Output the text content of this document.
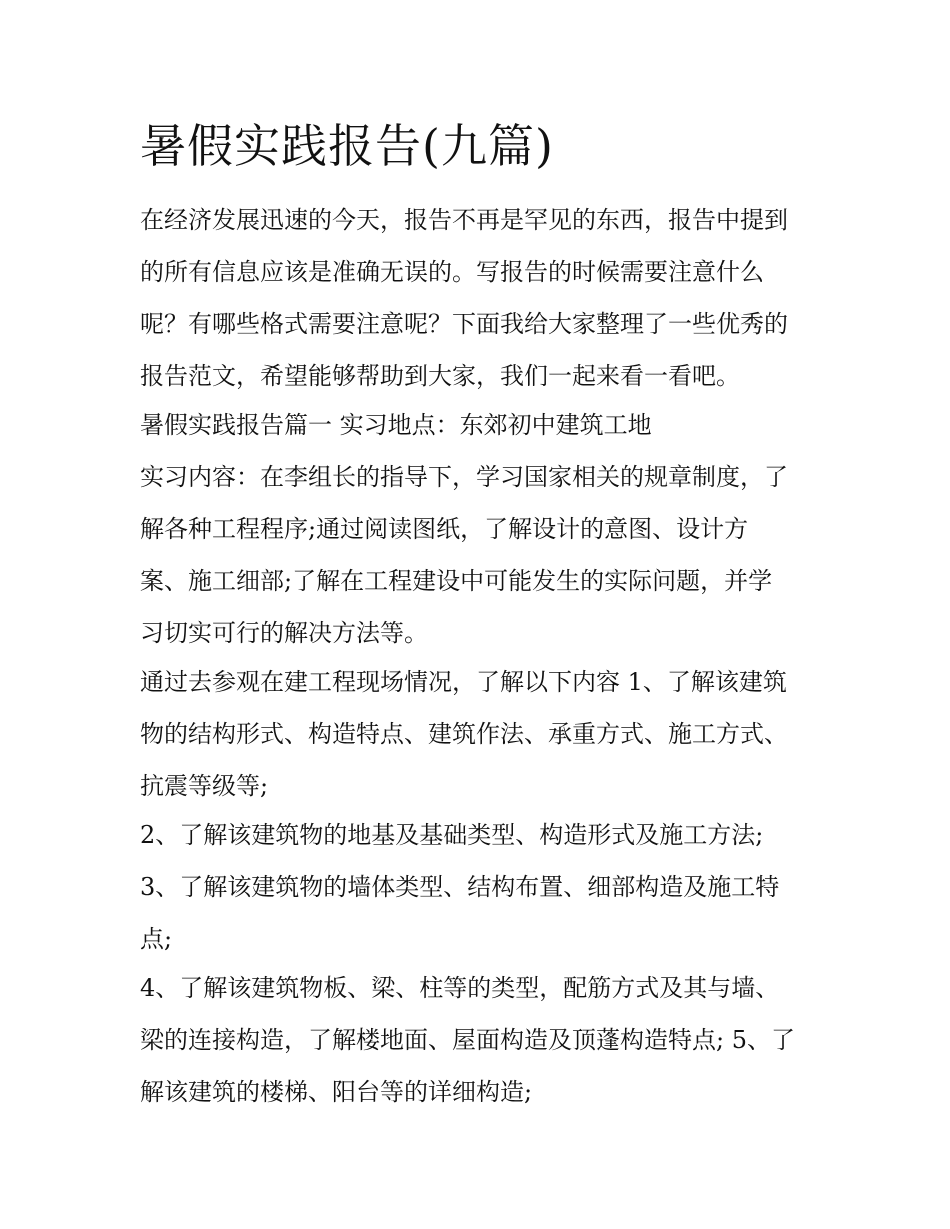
暑假实践报告(九篇)
在经济发展迅速的今天，报告不再是罕见的东西，报告中提到
的所有信息应该是准确无误的。写报告的时候需要注意什么
呢？有哪些格式需要注意呢？下面我给大家整理了一些优秀的
报告范文，希望能够帮助到大家，我们一起来看一看吧。
暑假实践报告篇一 实习地点：东郊初中建筑工地
实习内容：在李组长的指导下，学习国家相关的规章制度，了
解各种工程程序;通过阅读图纸，了解设计的意图、设计方
案、施工细部;了解在工程建设中可能发生的实际问题，并学
习切实可行的解决方法等。
通过去参观在建工程现场情况，了解以下内容 1、了解该建筑
物的结构形式、构造特点、建筑作法、承重方式、施工方式、
抗震等级等;
2、了解该建筑物的地基及基础类型、构造形式及施工方法;
3、了解该建筑物的墙体类型、结构布置、细部构造及施工特
点;
4、了解该建筑物板、梁、柱等的类型，配筋方式及其与墙、
梁的连接构造，了解楼地面、屋面构造及顶蓬构造特点; 5、了
解该建筑的楼梯、阳台等的详细构造;
